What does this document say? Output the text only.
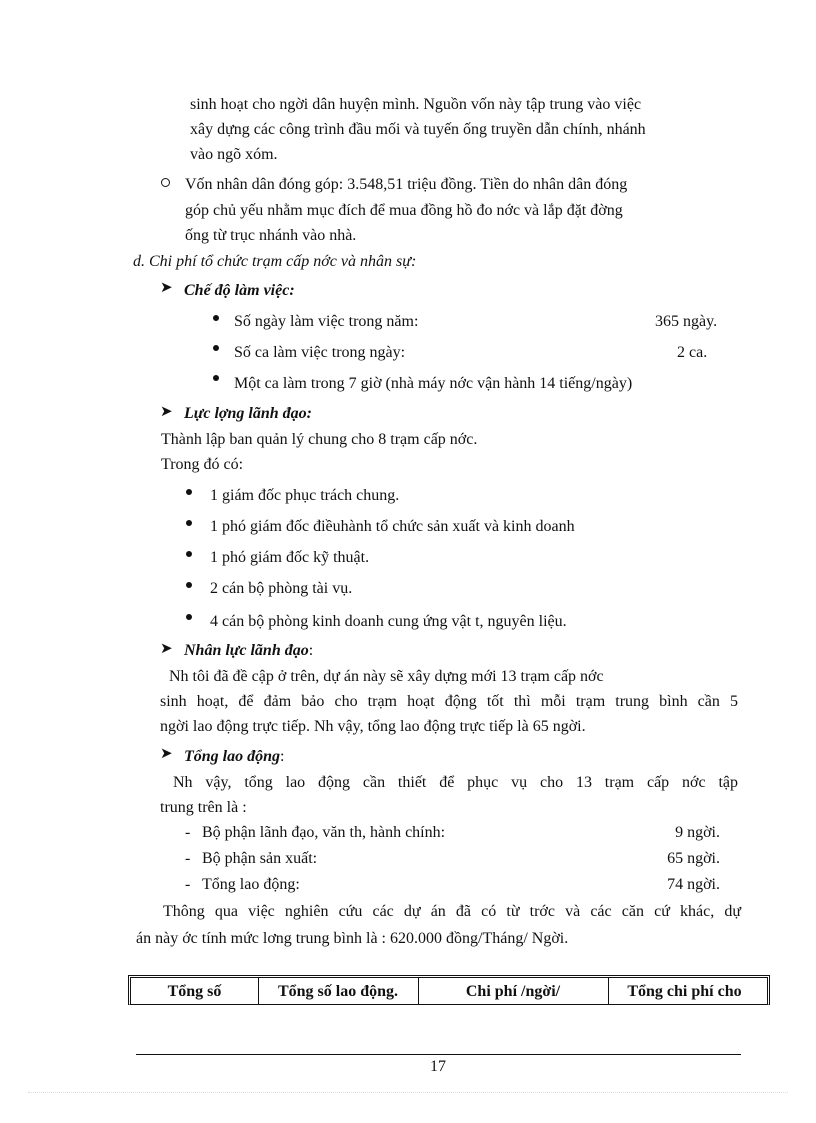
sinh hoạt cho ngời dân huyện mình. Nguồn vốn này tập trung vào việc
xây dựng các công trình đầu mối và tuyến ống truyền dẫn chính, nhánh
vào ngõ xóm.
Vốn nhân dân đóng góp: 3.548,51 triệu đồng. Tiền do nhân dân đóng
góp chủ yếu nhằm mục đích để mua đồng hồ đo nớc và lắp đặt đờng
ống từ trục nhánh vào nhà.
d. Chi phí tổ chức trạm cấp nớc và nhân sự:
➤ Chế độ làm việc:
Số ngày làm việc trong năm:	365 ngày.
Số ca làm việc trong ngày:	2 ca.
Một ca làm trong 7 giờ (nhà máy nớc vận hành 14 tiếng/ngày)
➤ Lực lợng lãnh đạo:
Thành lập ban quản lý chung cho 8 trạm cấp nớc.
Trong đó có:
1 giám đốc phục trách chung.
1 phó giám đốc điềuhành tổ chức sản xuất và kinh doanh
1 phó giám đốc kỹ thuật.
2 cán bộ phòng tài vụ.
4 cán bộ phòng kinh doanh cung ứng vật t, nguyên liệu.
➤ Nhân lực lãnh đạo:
Nh tôi đã đề cập ở trên, dự án này sẽ xây dựng mới 13 trạm cấp nớc
sinh hoạt, để đảm bảo cho trạm hoạt động tốt thì mỗi trạm trung bình cần 5
ngời lao động trực tiếp. Nh vậy, tổng lao động trực tiếp là 65 ngời.
➤ Tổng lao động:
Nh vậy, tổng lao động cần thiết để phục vụ cho 13 trạm cấp nớc tập
trung trên là :
- Bộ phận lãnh đạo, văn th, hành chính:	9 ngời.
- Bộ phận sản xuất:	65 ngời.
- Tổng lao động:	74 ngời.
Thông qua việc nghiên cứu các dự án đã có từ trớc và các căn cứ khác, dự
án này ớc tính mức lơng trung bình là : 620.000 đồng/Tháng/ Ngời.
Tổng số	Tổng số lao động.	Chi phí /ngời/	Tổng chi phí cho
17
